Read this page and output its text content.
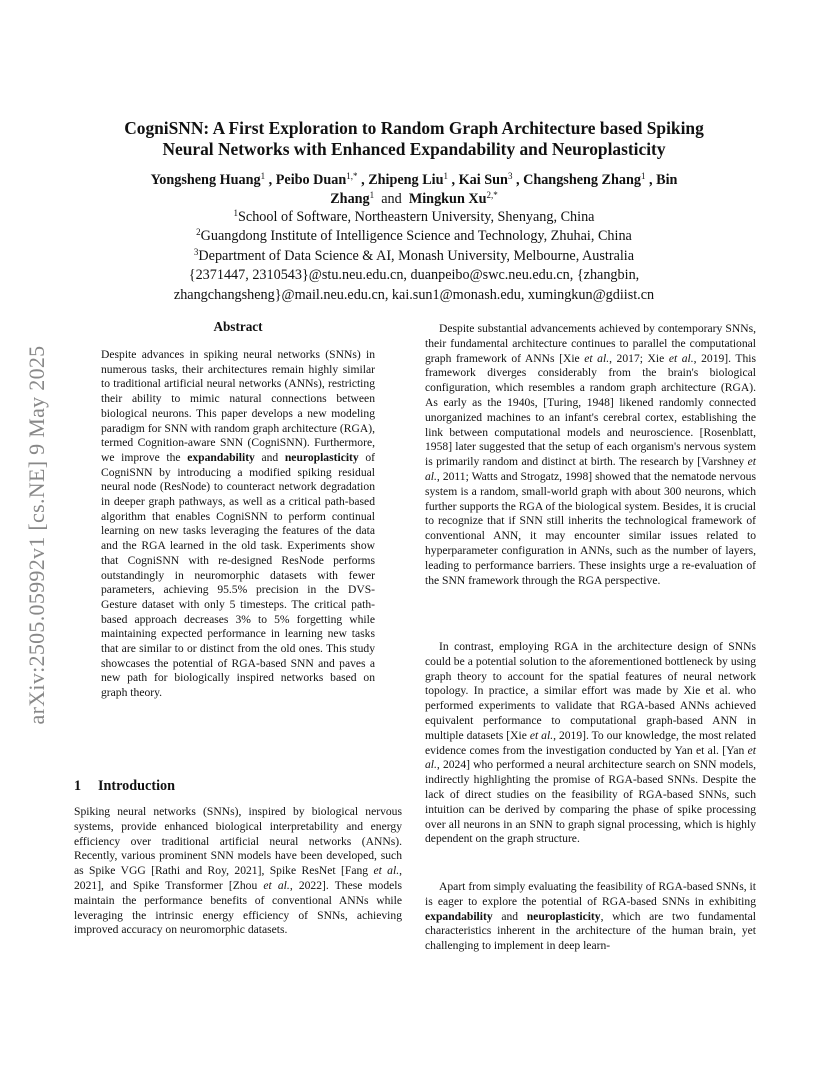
arXiv:2505.05992v1 [cs.NE] 9 May 2025
CogniSNN: A First Exploration to Random Graph Architecture based Spiking
Neural Networks with Enhanced Expandability and Neuroplasticity
Yongsheng Huang$^1$ , Peibo Duan$^{1,*}$ , Zhipeng Liu$^1$ , Kai Sun$^3$ , Changsheng Zhang$^1$ , Bin
Zhang$^1$ and Mingkun $Xu^{2,*}$
$^1$School of Software, Northeastern University, Shenyang, China
$^2$Guangdong Institute of Intelligence Science and Technology, Zhuhai, China
$^3$Department of Data Science & AI, Monash University, Melbourne, Australia
{2371447, 2310543}@stu.neu.edu.cn, duanpeibo@swc.neu.edu.cn, {zhangbin,
zhangchangsheng}@mail.neu.edu.cn, kai.sun1@monash.edu, xumingkun@gdiist.cn
Abstract
Despite advances in spiking neural networks (SNNs) in numerous tasks, their architectures remain highly similar to traditional artificial neural networks (ANNs), restricting their ability to mimic natural connections between biological neurons. This paper develops a new modeling paradigm for SNN with random graph architecture (RGA), termed Cognition-aware SNN (CogniSNN). Furthermore, we improve the expandability and neuroplasticity of CogniSNN by introducing a modified spiking residual neural node (ResNode) to counteract network degradation in deeper graph pathways, as well as a critical path-based algorithm that enables CogniSNN to perform continual learning on new tasks leveraging the features of the data and the RGA learned in the old task. Experiments show that CogniSNN with re-designed ResNode performs outstandingly in neuromorphic datasets with fewer parameters, achieving 95.5% precision in the DVS-Gesture dataset with only 5 timesteps. The critical path-based approach decreases 3% to 5% forgetting while maintaining expected performance in learning new tasks that are similar to or distinct from the old ones. This study showcases the potential of RGA-based SNN and paves a new path for biologically inspired networks based on graph theory.
1 Introduction

Spiking neural networks (SNNs), inspired by biological nervous systems, provide enhanced biological interpretability and energy efficiency over traditional artificial neural networks (ANNs). Recently, various prominent SNN models have been developed, such as Spike VGG [Rathi and Roy, 2021], Spike ResNet [Fang et al., 2021], and Spike Transformer [Zhou et al., 2022]. These models maintain the performance benefits of conventional ANNs while leveraging the intrinsic energy efficiency of SNNs, achieving improved accuracy on neuromorphic datasets.

Despite substantial advancements achieved by contemporary SNNs, their fundamental architecture continues to parallel the computational graph framework of ANNs [Xie et al., 2017; Xie et al., 2019]. This framework diverges considerably from the brain's biological configuration, which resembles a random graph architecture (RGA). As early as the 1940s, [Turing, 1948] likened randomly connected unorganized machines to an infant's cerebral cortex, establishing the link between computational models and neuroscience. [Rosenblatt, 1958] later suggested that the setup of each organism's nervous system is primarily random and distinct at birth. The research by [Varshney et al., 2011; Watts and Strogatz, 1998] showed that the nematode nervous system is a random, small-world graph with about 300 neurons, which further supports the RGA of the biological system. Besides, it is crucial to recognize that if SNN still inherits the technological framework of conventional ANN, it may encounter similar issues related to hyperparameter configuration in ANNs, such as the number of layers, leading to performance barriers. These insights urge a re-evaluation of the SNN framework through the RGA perspective.

In contrast, employing RGA in the architecture design of SNNs could be a potential solution to the aforementioned bottleneck by using graph theory to account for the spatial features of neural network topology. In practice, a similar effort was made by Xie et al. who performed experiments to validate that RGA-based ANNs achieved equivalent performance to computational graph-based ANN in multiple datasets [Xie et al., 2019]. To our knowledge, the most related evidence comes from the investigation conducted by Yan et al. [Yan et al., 2024] who performed a neural architecture search on SNN models, indirectly highlighting the promise of RGA-based SNNs. Despite the lack of direct studies on the feasibility of RGA-based SNNs, such intuition can be derived by comparing the phase of spike processing over all neurons in an SNN to graph signal processing, which is highly dependent on the graph structure.

Apart from simply evaluating the feasibility of RGA-based SNNs, it is eager to explore the potential of RGA-based SNNs in exhibiting expandability and neuroplasticity, which are two fundamental characteristics inherent in the architecture of the human brain, yet challenging to implement in deep learn-
